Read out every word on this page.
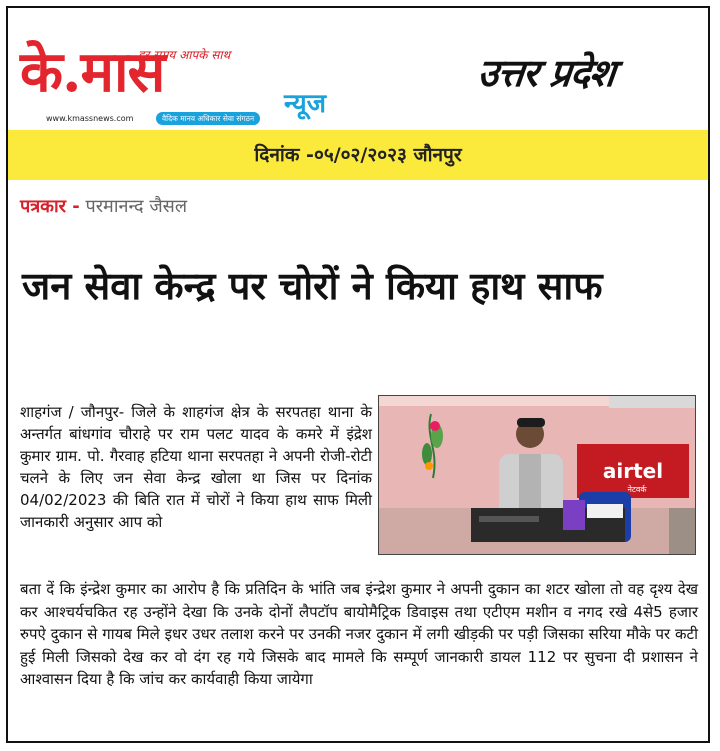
हर समय आपके साथ
के.मास	न्यूज
www.kmassnews.com	वैदिक मानव अधिकार सेवा संगठन
उत्तर प्रदेश
दिनांक -०५/०२/२०२३ जौनपुर
पत्रकार - परमानन्द जैसल
जन सेवा केन्द्र पर चोरों ने किया हाथ साफ
शाहगंज / जौनपुर- जिले के शाहगंज क्षेत्र के सरपतहा थाना के अन्तर्गत बांधगांव चौराहे पर राम पलट यादव के कमरे में इंद्रेश कुमार ग्राम. पो. गैरवाह हटिया थाना सरपतहा ने अपनी रोजी-रोटी चलने के लिए जन सेवा केन्द्र खोला था जिस पर दिनांक 04/02/2023 की बिति रात में चोरों ने किया हाथ साफ मिली जानकारी अनुसार आप को
airtel
नेटवर्क
बता दें कि इंन्द्रेश कुमार का आरोप है कि प्रतिदिन के भांति जब इंन्द्रेश कुमार ने अपनी दुकान का शटर खोला तो वह दृश्य देख कर आश्चर्यचकित रह उन्होंने देखा कि उनके दोनों लैपटॉप बायोमैट्रिक डिवाइस तथा एटीएम मशीन व नगद रखे 4से5 हजार रुपऐ दुकान से गायब मिले इधर उधर तलाश करने पर उनकी नजर दुकान में लगी खीड़की पर पड़ी जिसका सरिया मौके पर कटी हुई मिली जिसको देख कर वो दंग रह गये जिसके बाद मामले कि सम्पूर्ण जानकारी डायल 112 पर सुचना दी प्रशासन ने आश्वासन दिया है कि जांच कर कार्यवाही किया जायेगा
